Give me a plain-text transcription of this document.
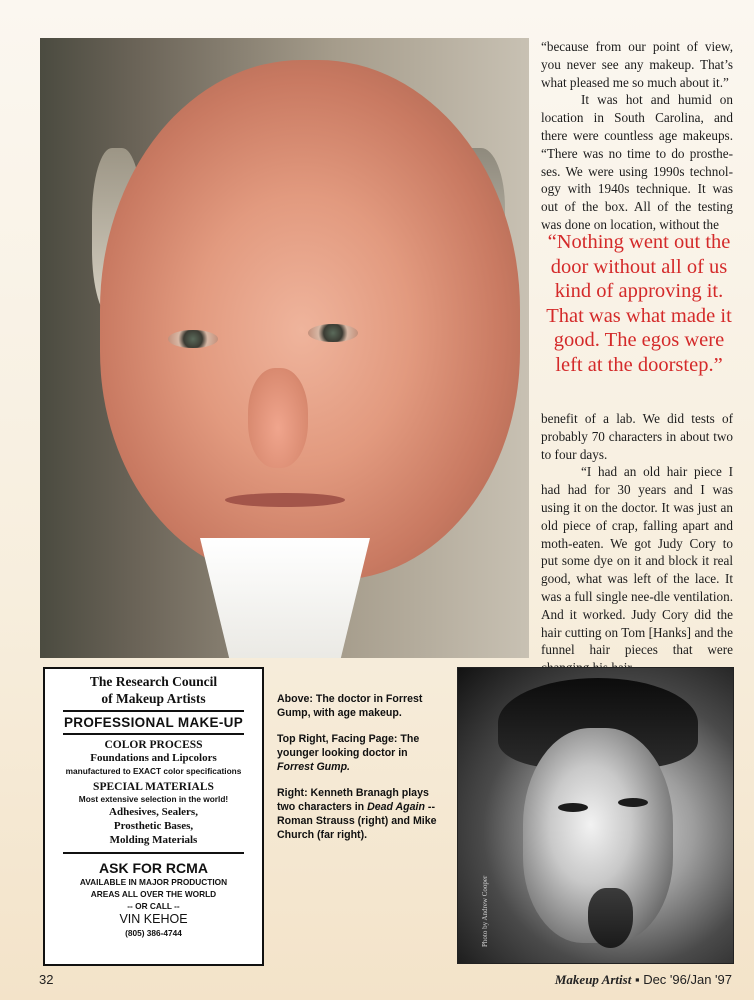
“because from our point of view, you never see any makeup. That’s what pleased me so much about it.”

It was hot and humid on location in South Carolina, and there were countless age makeups. “There was no time to do prosthe-ses. We were using 1990s technol-ogy with 1940s technique. It was out of the box. All of the testing was done on location, without the

“Nothing went out the door without all of us kind of approving it. That was what made it good. The egos were left at the doorstep.”

benefit of a lab. We did tests of probably 70 characters in about two to four days.

“I had an old hair piece I had had for 30 years and I was using it on the doctor. It was just an old piece of crap, falling apart and moth-eaten. We got Judy Cory to put some dye on it and block it real good, what was left of the lace. It was a full single nee-dle ventilation. And it worked. Judy Cory did the hair cutting on Tom [Hanks] and the funnel hair pieces that were

The Research Council
of Makeup Artists
PROFESSIONAL MAKE-UP
COLOR PROCESS
Foundations and Lipcolors
manufactured to EXACT color specifications
SPECIAL MATERIALS
Most extensive selection in the world!
Adhesives, Sealers,
Prosthetic Bases,
Molding Materials
ASK FOR RCMA
AVAILABLE IN MAJOR PRODUCTION
AREAS ALL OVER THE WORLD
-- OR CALL --
VIN KEHOE
(805) 386-4744

Above: The doctor in Forrest Gump, with age makeup.

Top Right, Facing Page: The younger looking doctor in Forrest Gump.

Right: Kenneth Branagh plays two characters in Dead Again -- Roman Strauss (right) and Mike Church (far right).

Photo by Andrew Cooper
32	Makeup Artist ▪ Dec '96/Jan '97
